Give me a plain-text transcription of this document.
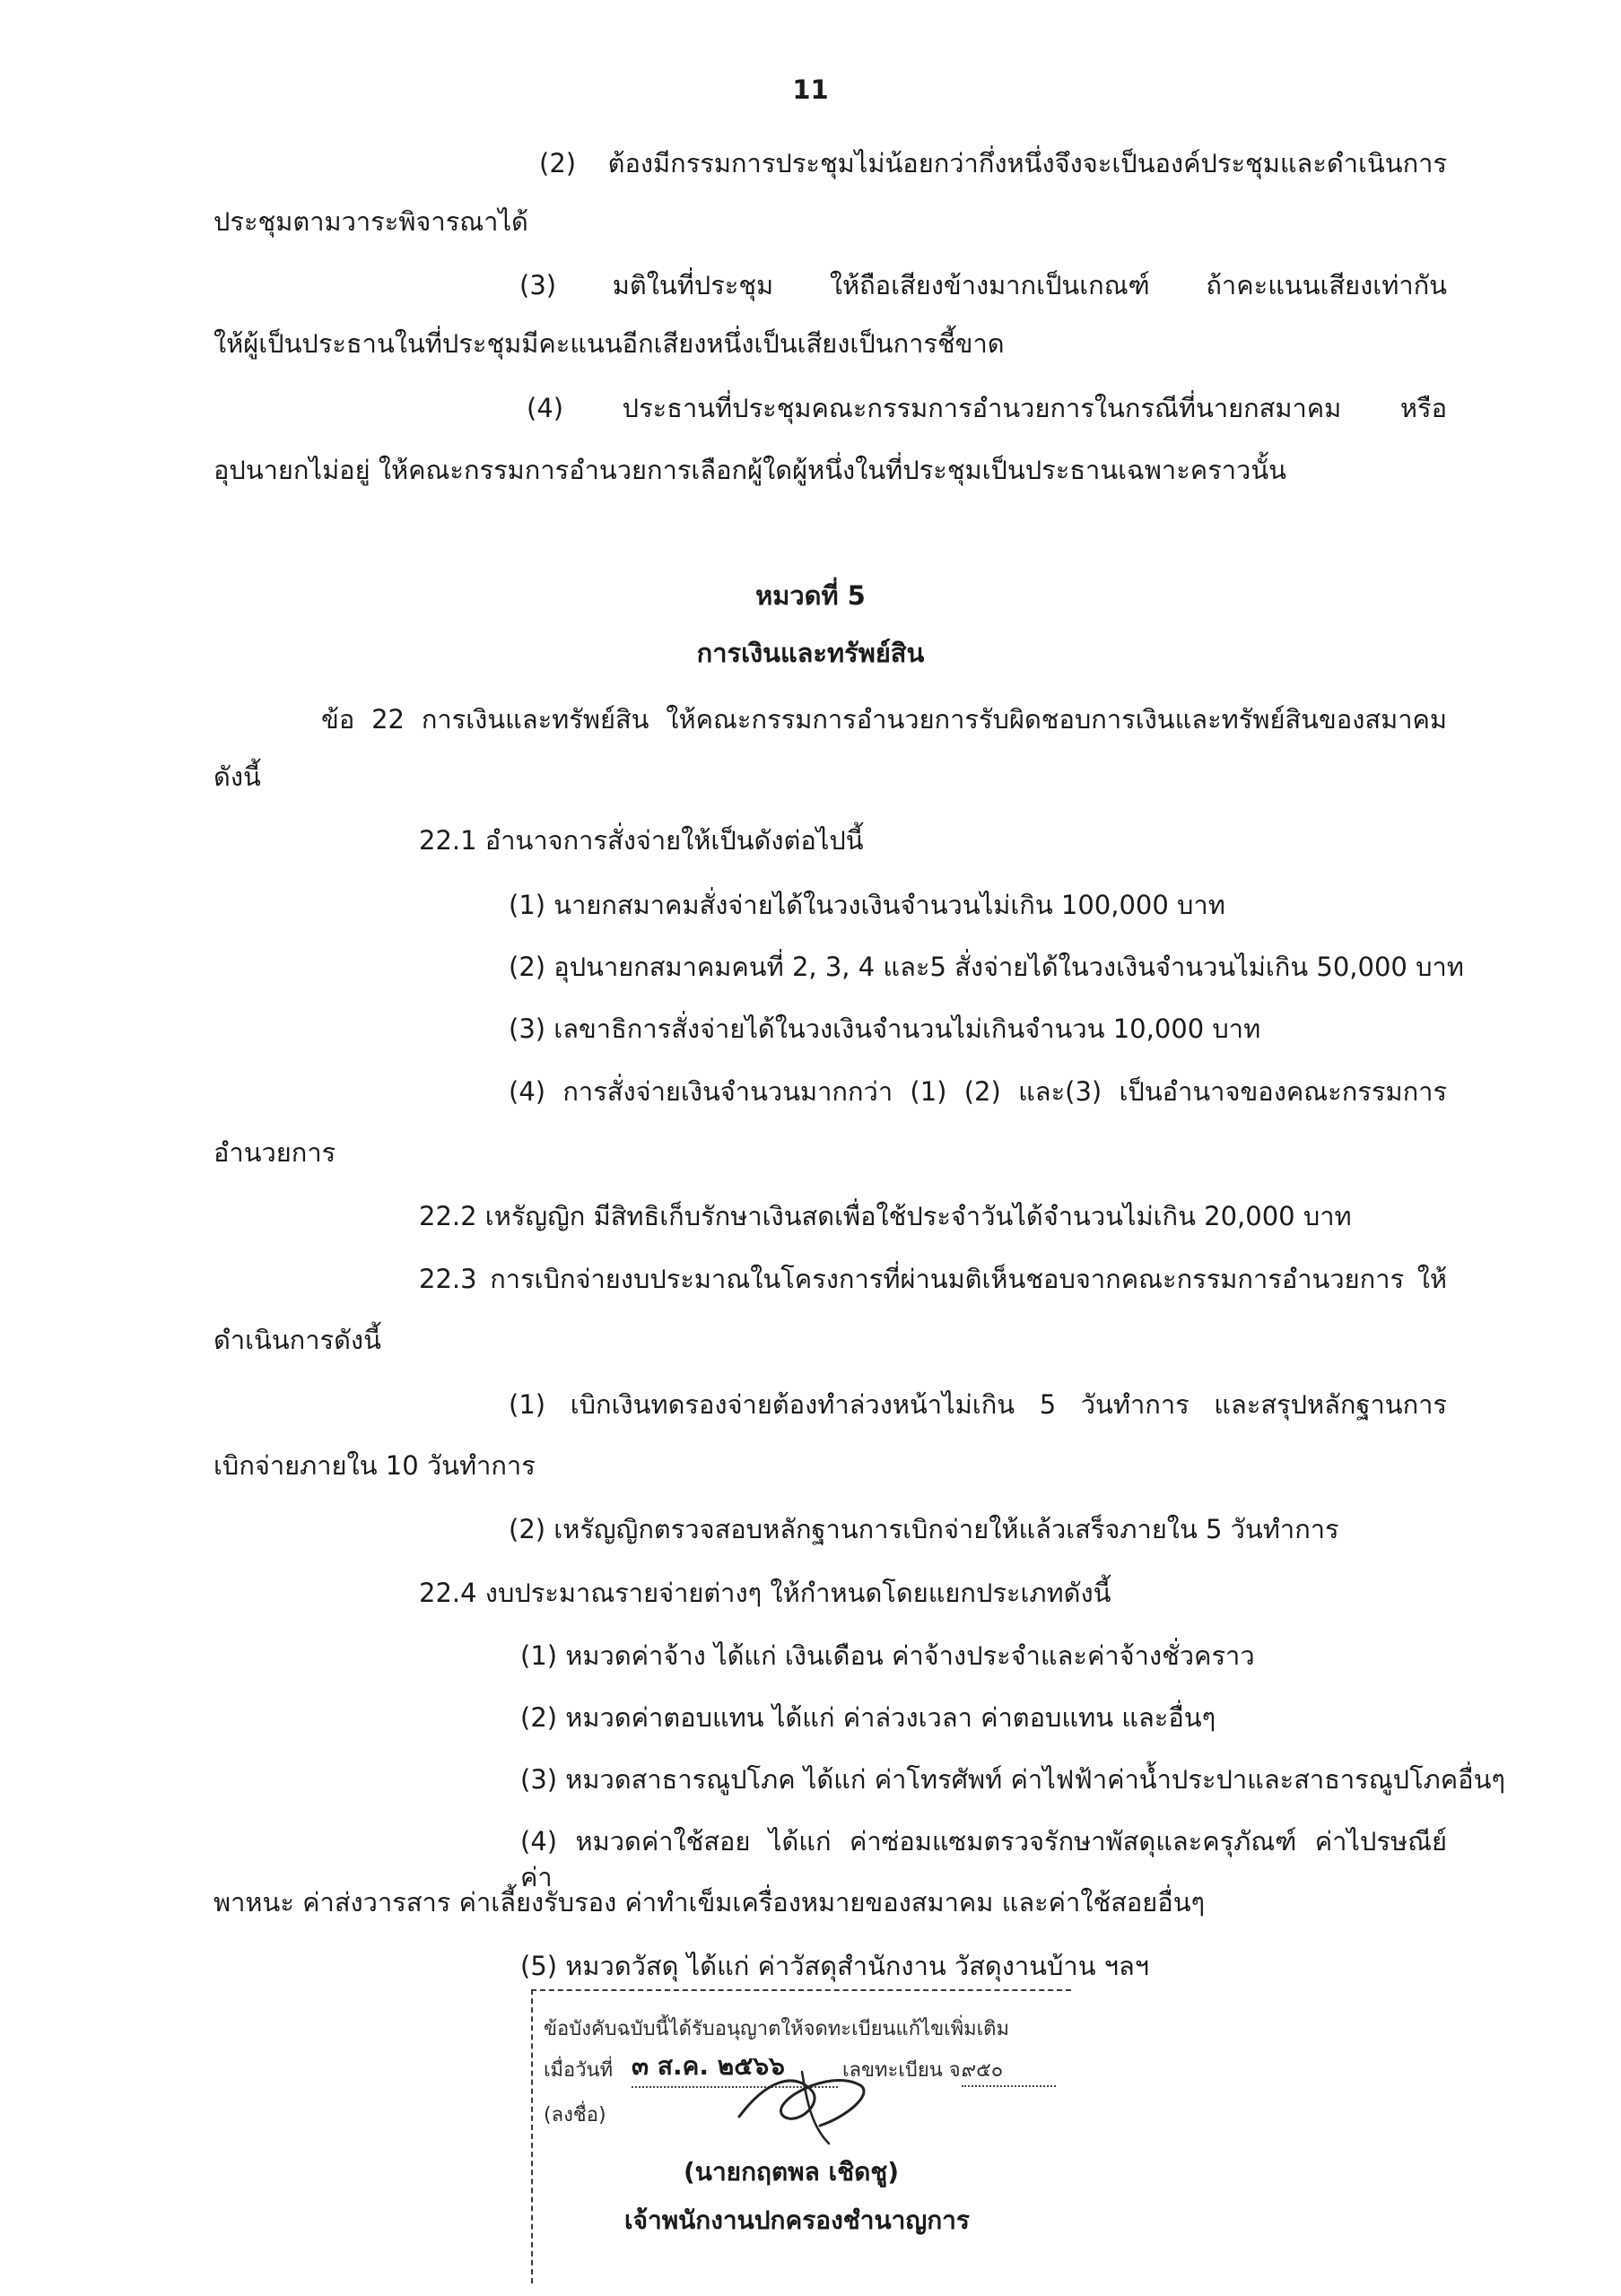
11
(2) ต้องมีกรรมการประชุมไม่น้อยกว่ากึ่งหนึ่งจึงจะเป็นองค์ประชุมและดำเนินการ
ประชุมตามวาระพิจารณาได้
(3) มติในที่ประชุม ให้ถือเสียงข้างมากเป็นเกณฑ์ ถ้าคะแนนเสียงเท่ากัน
ให้ผู้เป็นประธานในที่ประชุมมีคะแนนอีกเสียงหนึ่งเป็นเสียงเป็นการชี้ขาด
(4) ประธานที่ประชุมคณะกรรมการอำนวยการในกรณีที่นายกสมาคม หรือ
อุปนายกไม่อยู่ ให้คณะกรรมการอำนวยการเลือกผู้ใดผู้หนึ่งในที่ประชุมเป็นประธานเฉพาะคราวนั้น
หมวดที่ 5
การเงินและทรัพย์สิน
ข้อ 22 การเงินและทรัพย์สิน ให้คณะกรรมการอำนวยการรับผิดชอบการเงินและทรัพย์สินของสมาคม
ดังนี้
22.1 อำนาจการสั่งจ่ายให้เป็นดังต่อไปนี้
(1) นายกสมาคมสั่งจ่ายได้ในวงเงินจำนวนไม่เกิน 100,000 บาท
(2) อุปนายกสมาคมคนที่ 2, 3, 4 และ5 สั่งจ่ายได้ในวงเงินจำนวนไม่เกิน 50,000 บาท
(3) เลขาธิการสั่งจ่ายได้ในวงเงินจำนวนไม่เกินจำนวน 10,000 บาท
(4) การสั่งจ่ายเงินจำนวนมากกว่า (1) (2) และ(3) เป็นอำนาจของคณะกรรมการ
อำนวยการ
22.2 เหรัญญิก มีสิทธิเก็บรักษาเงินสดเพื่อใช้ประจำวันได้จำนวนไม่เกิน 20,000 บาท
22.3 การเบิกจ่ายงบประมาณในโครงการที่ผ่านมติเห็นชอบจากคณะกรรมการอำนวยการ ให้
ดำเนินการดังนี้
(1) เบิกเงินทดรองจ่ายต้องทำล่วงหน้าไม่เกิน 5 วันทำการ และสรุปหลักฐานการ
เบิกจ่ายภายใน 10 วันทำการ
(2) เหรัญญิกตรวจสอบหลักฐานการเบิกจ่ายให้แล้วเสร็จภายใน 5 วันทำการ
22.4 งบประมาณรายจ่ายต่างๆ ให้กำหนดโดยแยกประเภทดังนี้
(1) หมวดค่าจ้าง ได้แก่ เงินเดือน ค่าจ้างประจำและค่าจ้างชั่วคราว
(2) หมวดค่าตอบแทน ได้แก่ ค่าล่วงเวลา ค่าตอบแทน และอื่นๆ
(3) หมวดสาธารณูปโภค ได้แก่ ค่าโทรศัพท์ ค่าไฟฟ้าค่าน้ำประปาและสาธารณูปโภคอื่นๆ
(4) หมวดค่าใช้สอย ได้แก่ ค่าซ่อมแซมตรวจรักษาพัสดุและครุภัณฑ์ ค่าไปรษณีย์ ค่า
พาหนะ ค่าส่งวารสาร ค่าเลี้ยงรับรอง ค่าทำเข็มเครื่องหมายของสมาคม และค่าใช้สอยอื่นๆ
(5) หมวดวัสดุ ได้แก่ ค่าวัสดุสำนักงาน วัสดุงานบ้าน ฯลฯ
ข้อบังคับฉบับนี้ได้รับอนุญาตให้จดทะเบียนแก้ไขเพิ่มเติม
เมื่อวันที่ ๓ ส.ค. ๒๕๖๖	เลขทะเบียน จ.
๙๕๐
(ลงชื่อ)
(นายกฤตพล เชิดชู)
เจ้าพนักงานปกครองชำนาญการ
